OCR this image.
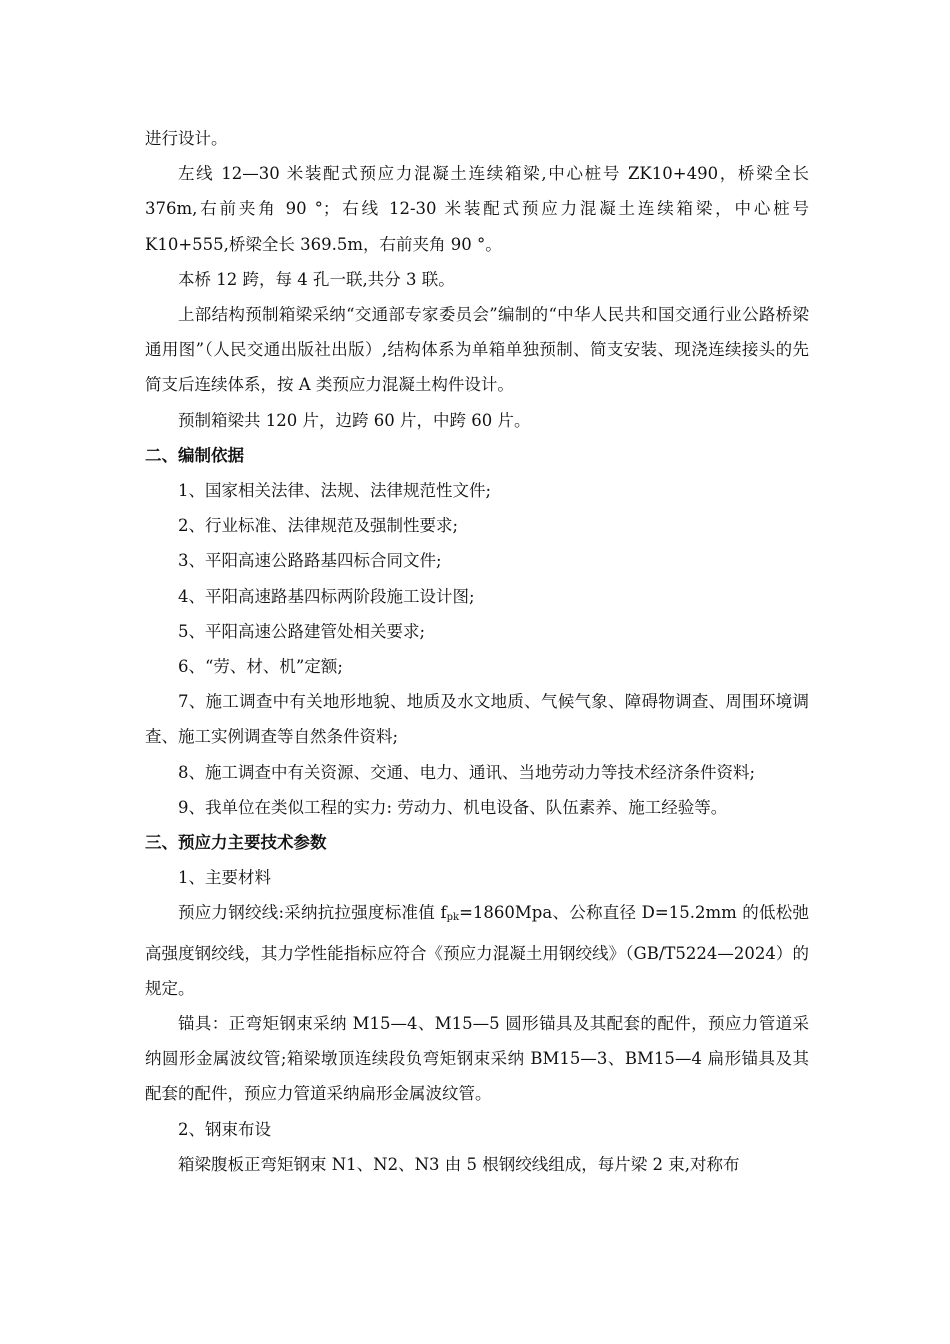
进行设计。

左线 12—30 米装配式预应力混凝土连续箱梁,中心桩号 ZK10+490，桥梁全长 376m,右前夹角 90 °；右线 12-30 米装配式预应力混凝土连续箱梁，中心桩号 K10+555,桥梁全长 369.5m，右前夹角 90 °。

本桥 12 跨，每 4 孔一联,共分 3 联。

上部结构预制箱梁采纳“交通部专家委员会”编制的“中华人民共和国交通行业公路桥梁通用图”（人民交通出版社出版）,结构体系为单箱单独预制、简支安装、现浇连续接头的先简支后连续体系，按 A 类预应力混凝土构件设计。

预制箱梁共 120 片，边跨 60 片，中跨 60 片。

二、编制依据

1、国家相关法律、法规、法律规范性文件;

2、行业标准、法律规范及强制性要求;

3、平阳高速公路路基四标合同文件;

4、平阳高速路基四标两阶段施工设计图;

5、平阳高速公路建管处相关要求;

6、“劳、材、机”定额;

7、施工调查中有关地形地貌、地质及水文地质、气候气象、障碍物调查、周围环境调查、施工实例调查等自然条件资料;

8、施工调查中有关资源、交通、电力、通讯、当地劳动力等技术经济条件资料;

9、我单位在类似工程的实力: 劳动力、机电设备、队伍素养、施工经验等。

三、预应力主要技术参数

1、主要材料

预应力钢绞线:采纳抗拉强度标准值 $f_{pk}=1860Mpa$、公称直径 D=15.2mm 的低松弛高强度钢绞线，其力学性能指标应符合《预应力混凝土用钢绞线》（GB/T5224—2024）的规定。

锚具：正弯矩钢束采纳 M15—4、M15—5 圆形锚具及其配套的配件，预应力管道采纳圆形金属波纹管;箱梁墩顶连续段负弯矩钢束采纳 BM15—3、BM15—4 扁形锚具及其配套的配件，预应力管道采纳扁形金属波纹管。

2、钢束布设

箱梁腹板正弯矩钢束 N1、N2、N3 由 5 根钢绞线组成，每片梁 2 束,对称布
